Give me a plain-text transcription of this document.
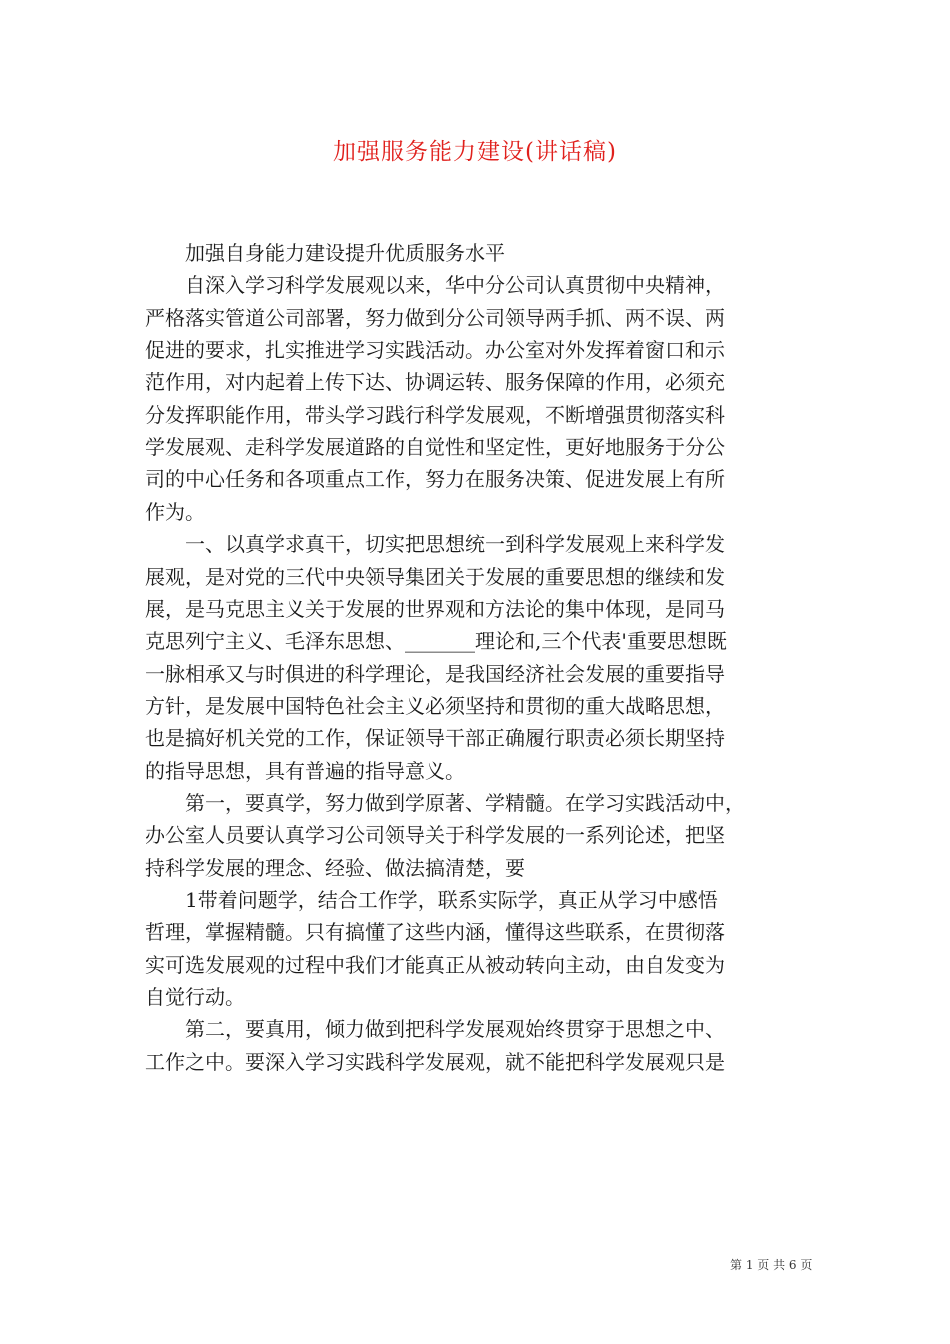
加强服务能力建设(讲话稿)
　　加强自身能力建设提升优质服务水平
　　自深入学习科学发展观以来，华中分公司认真贯彻中央精神，
严格落实管道公司部署，努力做到分公司领导两手抓、两不误、两
促进的要求，扎实推进学习实践活动。办公室对外发挥着窗口和示
范作用，对内起着上传下达、协调运转、服务保障的作用，必须充
分发挥职能作用，带头学习践行科学发展观，不断增强贯彻落实科
学发展观、走科学发展道路的自觉性和坚定性，更好地服务于分公
司的中心任务和各项重点工作，努力在服务决策、促进发展上有所
作为。
　　一、以真学求真干，切实把思想统一到科学发展观上来科学发
展观，是对党的三代中央领导集团关于发展的重要思想的继续和发
展，是马克思主义关于发展的世界观和方法论的集中体现，是同马
克思列宁主义、毛泽东思想、_______理论和,三个代表'重要思想既
一脉相承又与时俱进的科学理论，是我国经济社会发展的重要指导
方针，是发展中国特色社会主义必须坚持和贯彻的重大战略思想，
也是搞好机关党的工作，保证领导干部正确履行职责必须长期坚持
的指导思想，具有普遍的指导意义。
　　第一，要真学，努力做到学原著、学精髓。在学习实践活动中，
办公室人员要认真学习公司领导关于科学发展的一系列论述，把坚
持科学发展的理念、经验、做法搞清楚，要
　　1带着问题学，结合工作学，联系实际学，真正从学习中感悟
哲理，掌握精髓。只有搞懂了这些内涵，懂得这些联系，在贯彻落
实可选发展观的过程中我们才能真正从被动转向主动，由自发变为
自觉行动。
　　第二，要真用，倾力做到把科学发展观始终贯穿于思想之中、
工作之中。要深入学习实践科学发展观，就不能把科学发展观只是
第 1 页 共 6 页
